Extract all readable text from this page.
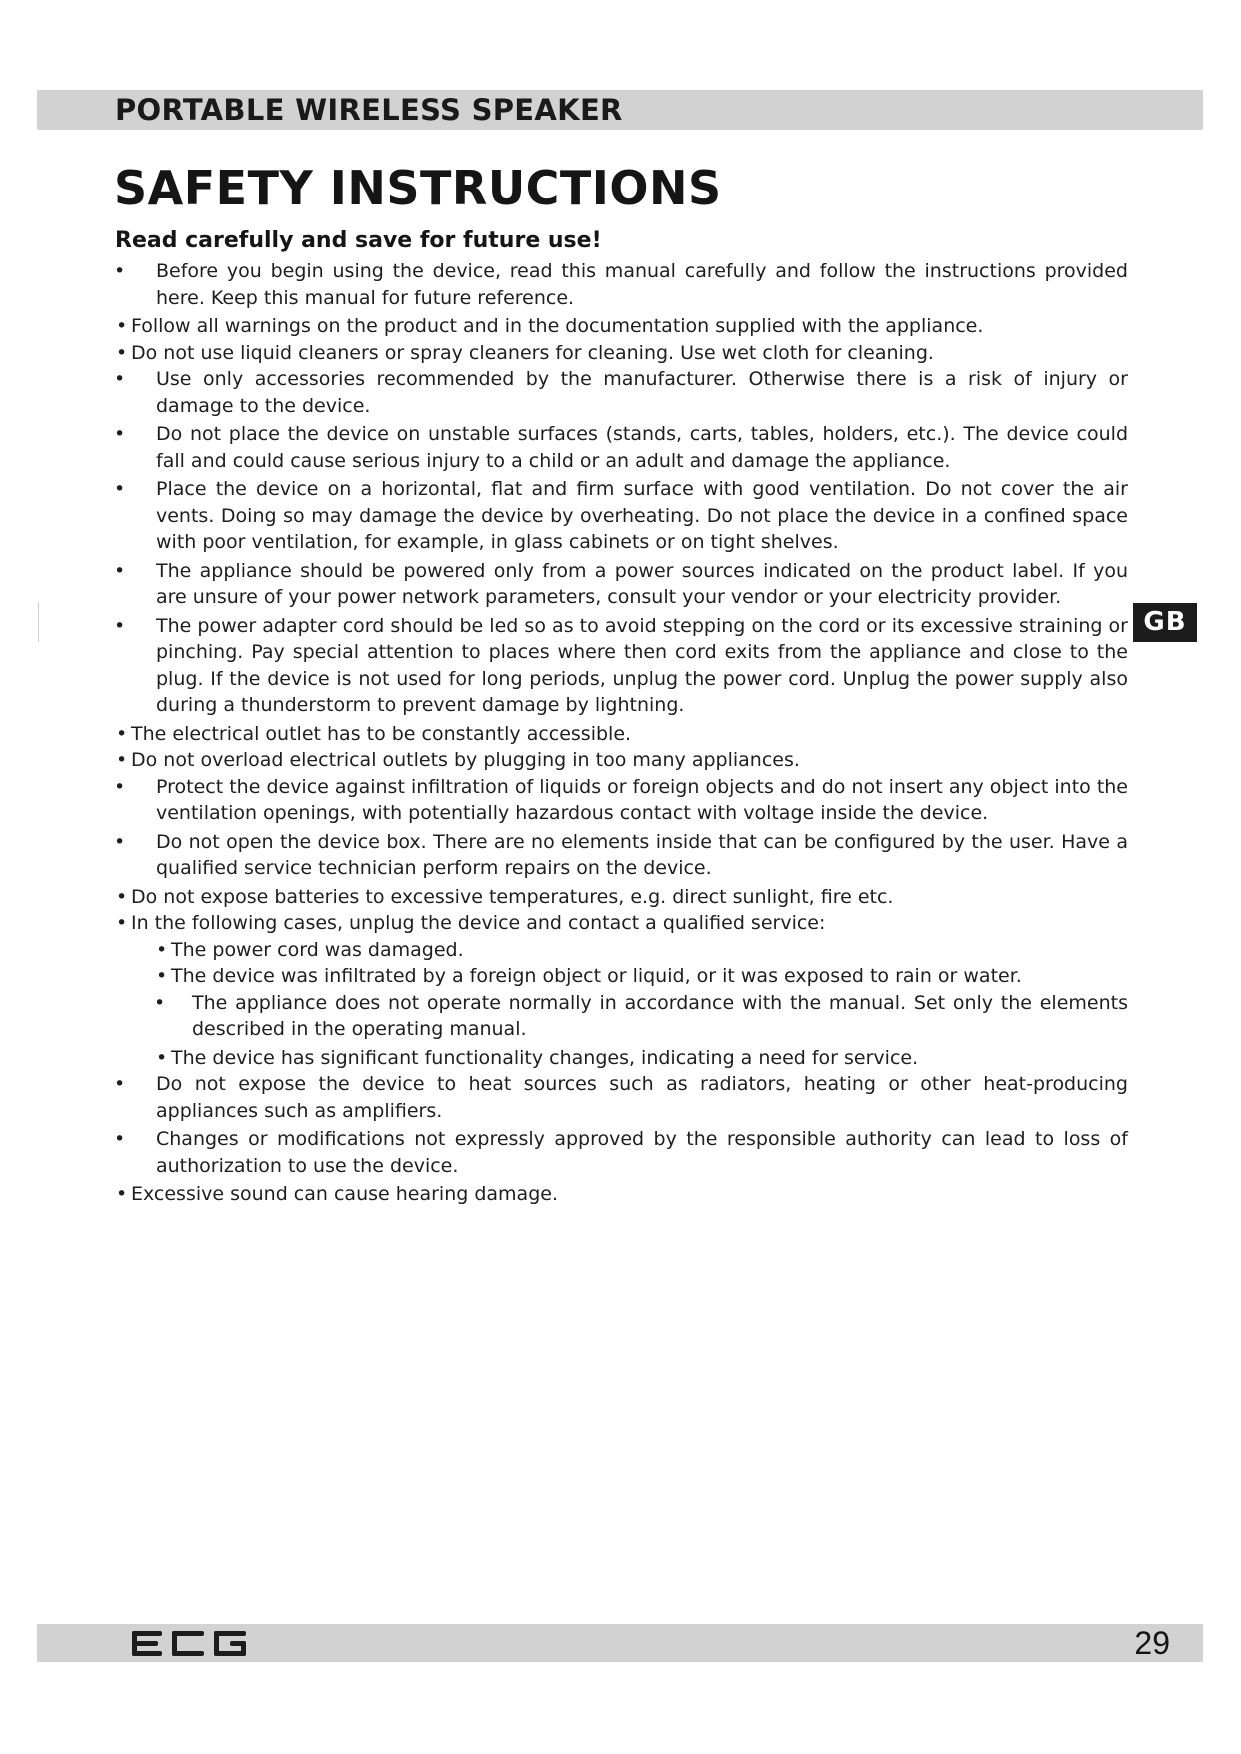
PORTABLE WIRELESS SPEAKER
SAFETY INSTRUCTIONS
Read carefully and save for future use!
• Before you begin using the device, read this manual carefully and follow the instructions provided here. Keep this manual for future reference.
• Follow all warnings on the product and in the documentation supplied with the appliance.
• Do not use liquid cleaners or spray cleaners for cleaning. Use wet cloth for cleaning.
• Use only accessories recommended by the manufacturer. Otherwise there is a risk of injury or damage to the device.
• Do not place the device on unstable surfaces (stands, carts, tables, holders, etc.). The device could fall and could cause serious injury to a child or an adult and damage the appliance.
• Place the device on a horizontal, flat and firm surface with good ventilation. Do not cover the air vents. Doing so may damage the device by overheating. Do not place the device in a confined space with poor ventilation, for example, in glass cabinets or on tight shelves.
• The appliance should be powered only from a power sources indicated on the product label. If you are unsure of your power network parameters, consult your vendor or your electricity provider.
• The power adapter cord should be led so as to avoid stepping on the cord or its excessive straining or pinching. Pay special attention to places where then cord exits from the appliance and close to the plug. If the device is not used for long periods, unplug the power cord. Unplug the power supply also during a thunderstorm to prevent damage by lightning.
• The electrical outlet has to be constantly accessible.
• Do not overload electrical outlets by plugging in too many appliances.
• Protect the device against infiltration of liquids or foreign objects and do not insert any object into the ventilation openings, with potentially hazardous contact with voltage inside the device.
• Do not open the device box. There are no elements inside that can be configured by the user. Have a qualified service technician perform repairs on the device.
• Do not expose batteries to excessive temperatures, e.g. direct sunlight, fire etc.
• In the following cases, unplug the device and contact a qualified service:
• The power cord was damaged.
• The device was infiltrated by a foreign object or liquid, or it was exposed to rain or water.
• The appliance does not operate normally in accordance with the manual. Set only the elements described in the operating manual.
• The device has significant functionality changes, indicating a need for service.
• Do not expose the device to heat sources such as radiators, heating or other heat-producing appliances such as amplifiers.
• Changes or modifications not expressly approved by the responsible authority can lead to loss of authorization to use the device.
• Excessive sound can cause hearing damage.
GB
29
